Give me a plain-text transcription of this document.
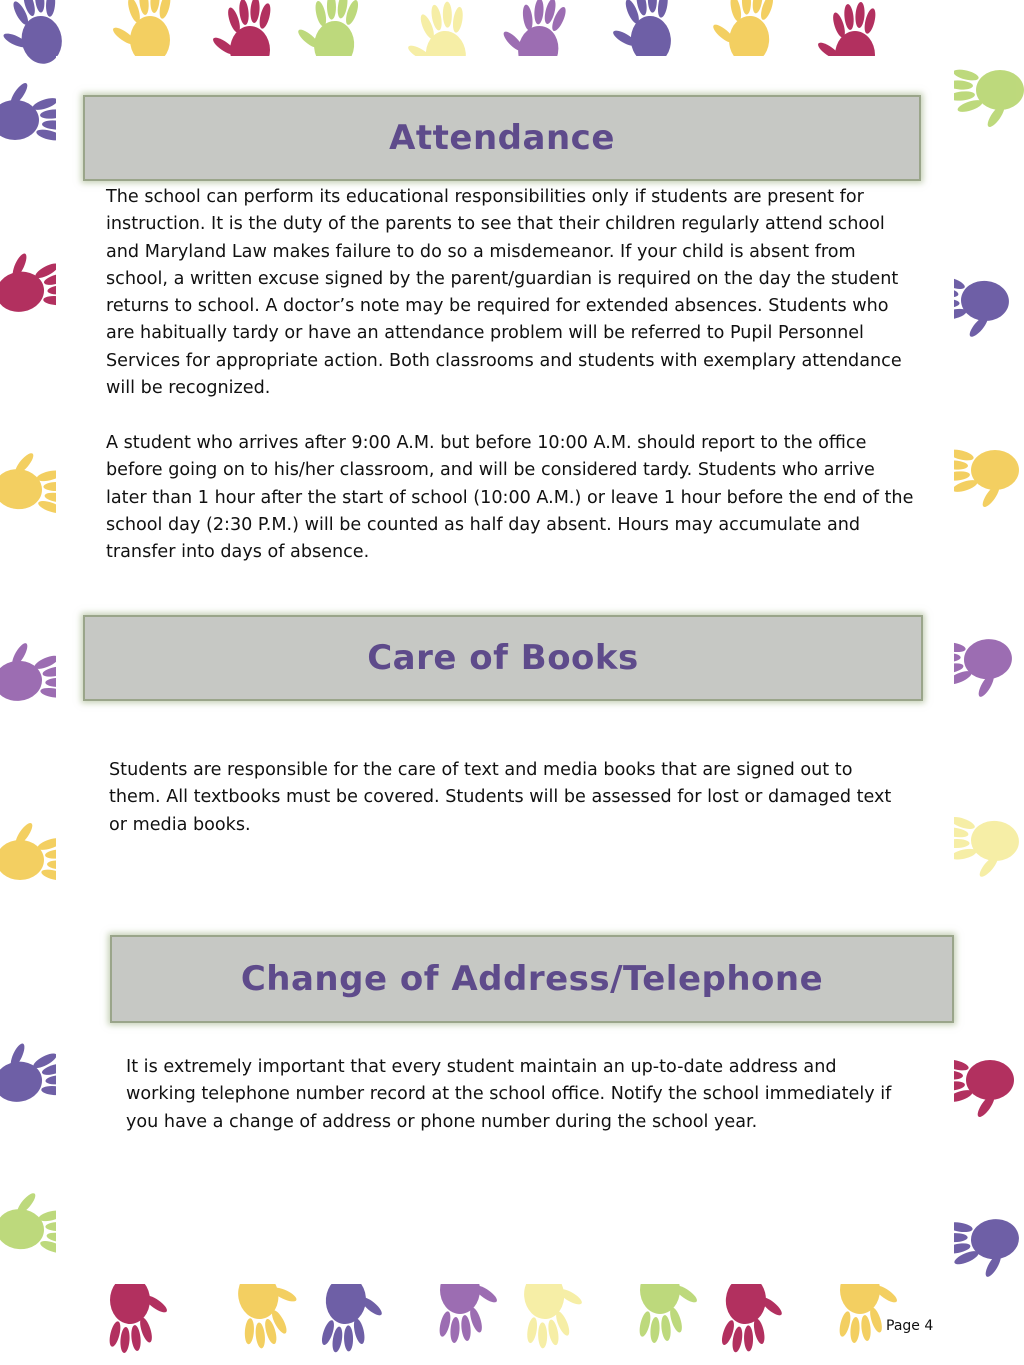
Attendance

The school can perform its educational responsibilities only if students are present for instruction. It is the duty of the parents to see that their children regularly attend school and Maryland Law makes failure to do so a misdemeanor. If your child is absent from school, a written excuse signed by the parent/guardian is required on the day the student returns to school. A doctor’s note may be required for extended absences. Students who are habitually tardy or have an attendance problem will be referred to Pupil Personnel Services for appropriate action. Both classrooms and students with exemplary attendance will be recognized.

A student who arrives after 9:00 A.M. but before 10:00 A.M. should report to the office before going on to his/her classroom, and will be considered tardy. Students who arrive later than 1 hour after the start of school (10:00 A.M.) or leave 1 hour before the end of the school day (2:30 P.M.) will be counted as half day absent. Hours may accumulate and transfer into days of absence.

Care of Books

Students are responsible for the care of text and media books that are signed out to them. All textbooks must be covered. Students will be assessed for lost or damaged text or media books.

Change of Address/Telephone

It is extremely important that every student maintain an up-to-date address and working telephone number record at the school office. Notify the school immediately if you have a change of address or phone number during the school year.

Page 4
